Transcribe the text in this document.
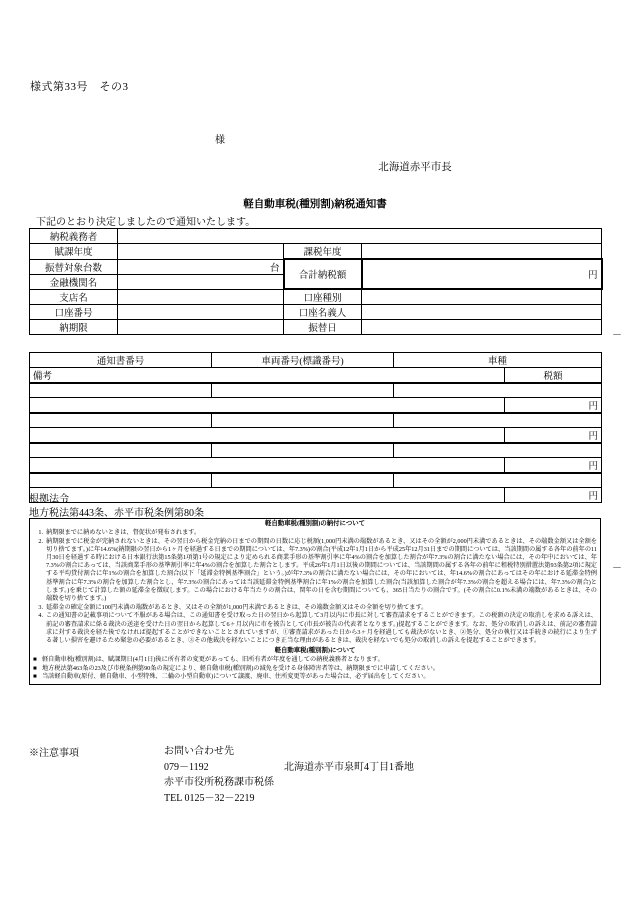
様式第33号　その3
様
北海道赤平市長
軽自動車税(種別割)納税通知書
下記のとおり決定しましたので通知いたします。
納税義務者			
賦課年度		課税年度	
振替対象台数	台	合計納税額	円
金融機関名			
支店名		口座種別	
口座番号		口座名義人	
納期限		振替日	
－
－
通知書番号	車両番号(標識番号)	車種	
備考			税額

			円

			円

			円

			円
根拠法令
地方税法第443条、赤平市税条例第80条
軽自動車税(種別割)の納付について
1. 納期限までに納めないときは、督促状が発布されます。
2. 納期限までに税金が完納されないときは、その翌日から税金完納の日までの期間の日数に応じ税額(1,000円未満の端数があるとき、又はその全額が2,000円未満であるときは、その端数金額又は全額を切り捨てます。)に年14.6%(納期限の翌日から1ヶ月を経過する日までの期間については、年7.3%)の割合(平成12年1月1日から平成25年12月31日までの期間については、当該期間の属する各年の前年の11月30日を経過する時における日本銀行法第15条第1項第1号の規定により定められる商業手形の基準割引率に年4%の割合を加算した割合が年7.3%の割合に満たない場合には、その年中においては、年7.3%の割合にあっては、当該商業手形の基準割引率に年4%の割合を加算した割合とします。平成26年1月1日以後の期間については、当該期間の属する各年の前年に租税特別措置法第93条第2項に規定する平均貸付割合に年1%の割合を加算した割合(以下「延滞金特例基準割合」という。)が年7.3%の割合に満たない場合には、その年においては、年14.6%の割合にあってはその年における延滞金特例基準割合に年7.3%の割合を加算した割合とし、年7.3%の割合にあっては当該延滞金特例基準割合に年1%の割合を加算した割合(当該加算した割合が年7.3%の割合を超える場合には、年7.3%の割合)とします。)を乗じて計算した額の延滞金を徴収します。この場合における年当たりの割合は、閏年の日を含む期間についても、365日当たりの割合です。(その割合に0.1%未満の端数があるときは、その端数を切り捨てます。)
3. 延滞金の確定金額に100円未満の端数があるとき、又はその全額が1,000円未満であるときは、その端数金額又はその全額を切り捨てます。
4. この通知書の記載事項について不服がある場合は、この通知書を受け取った日の翌日から起算して3月以内に市長に対して審査請求をすることができます。この税額の決定の取消しを求める訴えは、前記の審査請求に係る裁決の送達を受けた日の翌日から起算して6ヶ月以内に市を被告として(市長が被告の代表者となります。)提起することができます。なお、処分の取消しの訴えは、前記の審査請求に対する裁決を経た後でなければ提起することができないこととされていますが、①審査請求があった日から3ヶ月を経過しても裁決がないとき、②処分、処分の執行又は手続きの続行により生ずる著しい損害を避けるため緊急の必要があるとき、③その他裁決を経ないことにつき正当な理由があるときは、裁決を経ないでも処分の取消しの訴えを提起することができます。
軽自動車税(種別割)について
■ 軽自動車税(種別割)は、賦課期日(4月1日)後に所有者の変更があっても、旧所有者が年度を通しての納税義務者となります。
■ 地方税法第463条の23及び市税条例第90条の規定により、軽自動車税(種別割)の減免を受ける身体障害者等は、納期限までに申請してください。
■ 当該軽自動車(原付、軽自動車、小型特殊、二輪の小型自動車)について譲渡、廃車、住所変更等があった場合は、必ず届出をしてください。
※注意事項	お問い合わせ先
079－1192	北海道赤平市泉町4丁目1番地
赤平市役所税務課市税係
TEL 0125－32－2219
